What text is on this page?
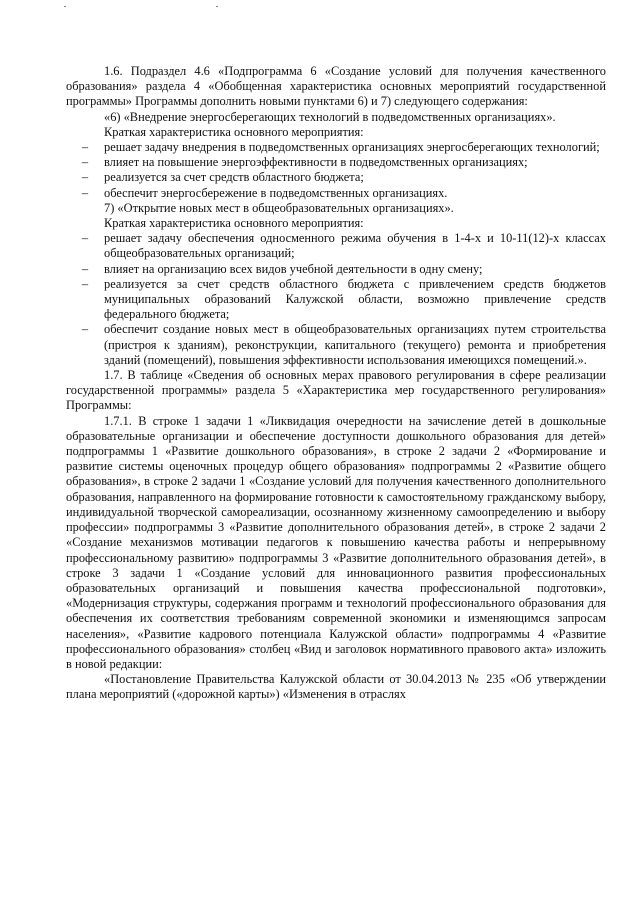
1.6. Подраздел 4.6 «Подпрограмма 6 «Создание условий для получения качественного образования» раздела 4 «Обобщенная характеристика основных мероприятий государственной программы» Программы дополнить новыми пунктами 6) и 7) следующего содержания:

«6) «Внедрение энергосберегающих технологий в подведомственных организациях».

Краткая характеристика основного мероприятия:

–	решает задачу внедрения в подведомственных организациях энергосберегающих технологий;
–	влияет на повышение энергоэффективности в подведомственных организациях;
–	реализуется за счет средств областного бюджета;
–	обеспечит энергосбережение в подведомственных организациях.

7) «Открытие новых мест в общеобразовательных организациях».

Краткая характеристика основного мероприятия:

–	решает задачу обеспечения односменного режима обучения в 1-4-х и 10-11(12)-х классах общеобразовательных организаций;
–	влияет на организацию всех видов учебной деятельности в одну смену;
–	реализуется за счет средств областного бюджета с привлечением средств бюджетов муниципальных образований Калужской области, возможно привлечение средств федерального бюджета;
–	обеспечит создание новых мест в общеобразовательных организациях путем строительства (пристроя к зданиям), реконструкции, капитального (текущего) ремонта и приобретения зданий (помещений), повышения эффективности использования имеющихся помещений.».

1.7. В таблице «Сведения об основных мерах правового регулирования в сфере реализации государственной программы» раздела 5 «Характеристика мер государственного регулирования» Программы:

1.7.1. В строке 1 задачи 1 «Ликвидация очередности на зачисление детей в дошкольные образовательные организации и обеспечение доступности дошкольного образования для детей» подпрограммы 1 «Развитие дошкольного образования», в строке 2 задачи 2 «Формирование и развитие системы оценочных процедур общего образования» подпрограммы 2 «Развитие общего образования», в строке 2 задачи 1 «Создание условий для получения качественного дополнительного образования, направленного на формирование готовности к самостоятельному гражданскому выбору, индивидуальной творческой самореализации, осознанному жизненному самоопределению и выбору профессии» подпрограммы 3 «Развитие дополнительного образования детей», в строке 2 задачи 2 «Создание механизмов мотивации педагогов к повышению качества работы и непрерывному профессиональному развитию» подпрограммы 3 «Развитие дополнительного образования детей», в строке 3 задачи 1 «Создание условий для инновационного развития профессиональных образовательных организаций и повышения качества профессиональной подготовки», «Модернизация структуры, содержания программ и технологий профессионального образования для обеспечения их соответствия требованиям современной экономики и изменяющимся запросам населения», «Развитие кадрового потенциала Калужской области» подпрограммы 4 «Развитие профессионального образования» столбец «Вид и заголовок нормативного правового акта» изложить в новой редакции:

«Постановление Правительства Калужской области от 30.04.2013 № 235 «Об утверждении плана мероприятий («дорожной карты») «Изменения в отраслях
